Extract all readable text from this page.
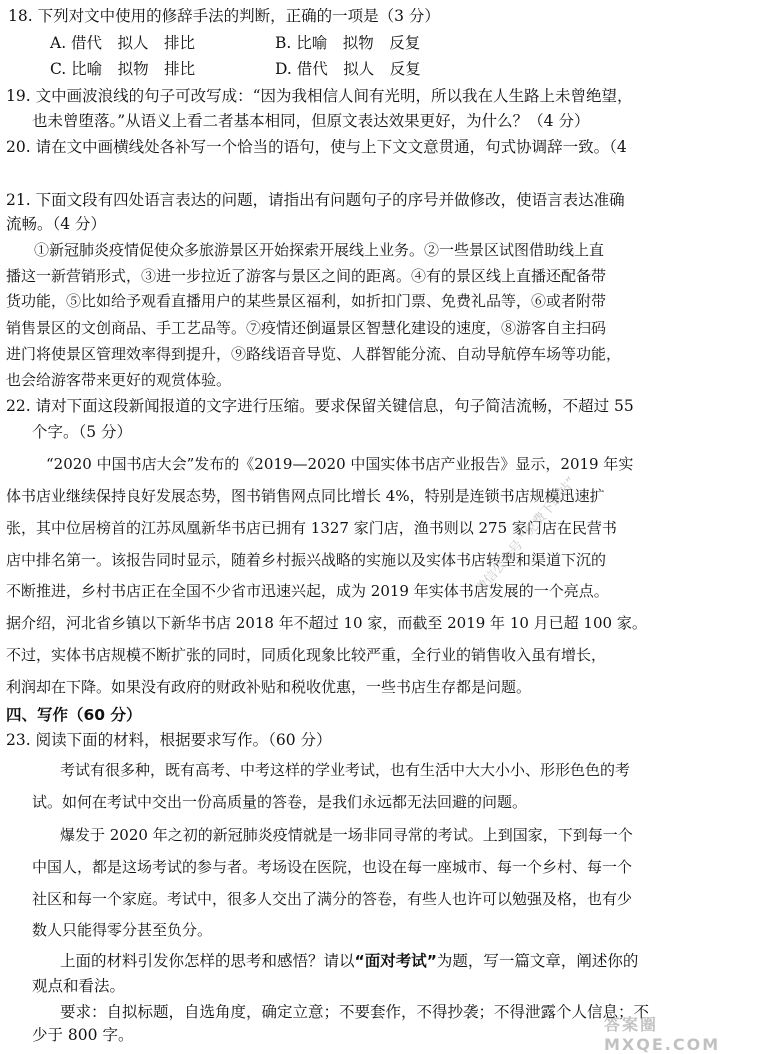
18. 下列对文中使用的修辞手法的判断，正确的一项是（3 分）
A. 借代　拟人　排比	B. 比喻　拟物　反复
C. 比喻　拟物　排比	D. 借代　拟人　反复
19. 文中画波浪线的句子可改写成：“因为我相信人间有光明，所以我在人生路上未曾绝望，
也未曾堕落。”从语义上看二者基本相同，但原文表达效果更好，为什么？（4 分）
20. 请在文中画横线处各补写一个恰当的语句，使与上下文文意贯通，句式协调辞一致。（4
21. 下面文段有四处语言表达的问题，请指出有问题句子的序号并做修改，使语言表达准确
流畅。（4 分）
①新冠肺炎疫情促使众多旅游景区开始探索开展线上业务。②一些景区试图借助线上直
播这一新营销形式，③进一步拉近了游客与景区之间的距离。④有的景区线上直播还配备带
货功能，⑤比如给予观看直播用户的某些景区福利，如折扣门票、免费礼品等，⑥或者附带
销售景区的文创商品、手工艺品等。⑦疫情还倒逼景区智慧化建设的速度，⑧游客自主扫码
进门将使景区管理效率得到提升，⑨路线语音导览、人群智能分流、自动导航停车场等功能，
也会给游客带来更好的观赏体验。
22. 请对下面这段新闻报道的文字进行压缩。要求保留关键信息，句子简洁流畅，不超过 55
个字。（5 分）
“2020 中国书店大会”发布的《2019—2020 中国实体书店产业报告》显示，2019 年实
体书店业继续保持良好发展态势，图书销售网点同比增长 4%，特别是连锁书店规模迅速扩
张，其中位居榜首的江苏凤凰新华书店已拥有 1327 家门店，渔书则以 275 家门店在民营书
店中排名第一。该报告同时显示，随着乡村振兴战略的实施以及实体书店转型和渠道下沉的
不断推进，乡村书店正在全国不少省市迅速兴起，成为 2019 年实体书店发展的一个亮点。
据介绍，河北省乡镇以下新华书店 2018 年不超过 10 家，而截至 2019 年 10 月已超 100 家。
不过，实体书店规模不断扩张的同时，同质化现象比较严重，全行业的销售收入虽有增长，
利润却在下降。如果没有政府的财政补贴和税收优惠，一些书店生存都是问题。
四、写作（60 分）
23. 阅读下面的材料，根据要求写作。（60 分）
考试有很多种，既有高考、中考这样的学业考试，也有生活中大大小小、形形色色的考
试。如何在考试中交出一份高质量的答卷，是我们永远都无法回避的问题。
爆发于 2020 年之初的新冠肺炎疫情就是一场非同寻常的考试。上到国家，下到每一个
中国人，都是这场考试的参与者。考场设在医院，也设在每一座城市、每一个乡村、每一个
社区和每一个家庭。考试中，很多人交出了满分的答卷，有些人也许可以勉强及格，也有少
数人只能得零分甚至负分。
上面的材料引发你怎样的思考和感悟？请以“面对考试”为题，写一篇文章，阐述你的
观点和看法。
要求：自拟标题，自选角度，确定立意；不要套作，不得抄袭；不得泄露个人信息；不
少于 800 字。
微信公众号 “免费下载站”
答案圈 MXQE.COM
